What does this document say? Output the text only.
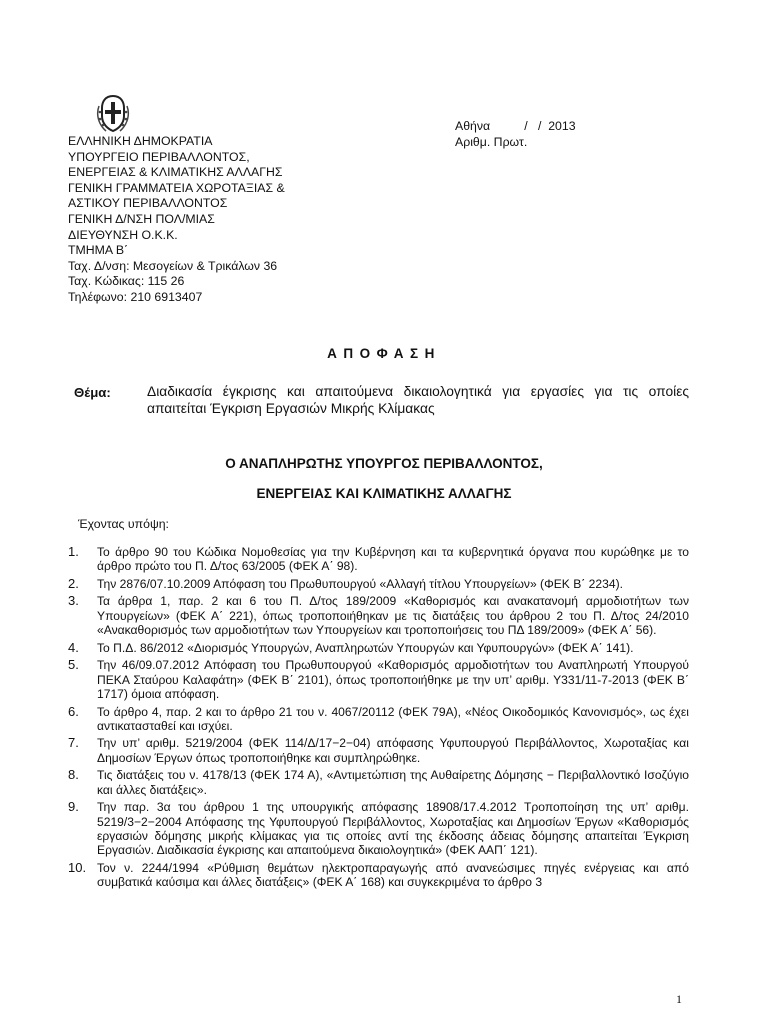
ΕΛΛΗΝΙΚΗ ΔΗΜΟΚΡΑΤΙΑ
ΥΠΟΥΡΓΕΙΟ ΠΕΡΙΒΑΛΛΟΝΤΟΣ,
ΕΝΕΡΓΕΙΑΣ & ΚΛΙΜΑΤΙΚΗΣ ΑΛΛΑΓΗΣ
ΓΕΝΙΚΗ ΓΡΑΜΜΑΤΕΙΑ ΧΩΡΟΤΑΞΙΑΣ &
ΑΣΤΙΚΟΥ ΠΕΡΙΒΑΛΛΟΝΤΟΣ
ΓΕΝΙΚΗ Δ/ΝΣΗ ΠΟΛ/ΜΙΑΣ
ΔΙΕΥΘΥΝΣΗ Ο.Κ.Κ.
ΤΜΗΜΑ Β΄
Ταχ. Δ/νση: Μεσογείων & Τρικάλων 36
Ταχ. Κώδικας: 115 26
Τηλέφωνο: 210 6913407
Αθήνα          /   /  2013
Αριθμ. Πρωτ.
ΑΠΟΦΑΣΗ
Θέμα:	Διαδικασία έγκρισης και απαιτούμενα δικαιολογητικά για εργασίες για τις οποίες απαιτείται Έγκριση Εργασιών Μικρής Κλίμακας
Ο ΑΝΑΠΛΗΡΩΤΗΣ ΥΠΟΥΡΓΟΣ ΠΕΡΙΒΑΛΛΟΝΤΟΣ,
ΕΝΕΡΓΕΙΑΣ ΚΑΙ ΚΛΙΜΑΤΙΚΗΣ ΑΛΛΑΓΗΣ
Έχοντας υπόψη:
1. Το άρθρο 90 του Κώδικα Νομοθεσίας για την Κυβέρνηση και τα κυβερνητικά όργανα που κυρώθηκε με το άρθρο πρώτο του Π. Δ/τος 63/2005 (ΦΕΚ Α΄ 98).
2. Την 2876/07.10.2009 Απόφαση του Πρωθυπουργού «Αλλαγή τίτλου Υπουργείων» (ΦΕΚ Β΄ 2234).
3. Τα άρθρα 1, παρ. 2 και 6 του Π. Δ/τος 189/2009 «Καθορισμός και ανακατανομή αρμοδιοτήτων των Υπουργείων» (ΦΕΚ Α΄ 221), όπως τροποποιήθηκαν με τις διατάξεις του άρθρου 2 του Π. Δ/τος 24/2010 «Ανακαθορισμός των αρμοδιοτήτων των Υπουργείων και τροποποιήσεις του ΠΔ 189/2009» (ΦΕΚ Α΄ 56).
4. Το Π.Δ. 86/2012 «Διορισμός Υπουργών, Αναπληρωτών Υπουργών και Υφυπουργών» (ΦΕΚ Α΄ 141).
5. Την 46/09.07.2012 Απόφαση του Πρωθυπουργού «Καθορισμός αρμοδιοτήτων του Αναπληρωτή Υπουργού ΠΕΚΑ Σταύρου Καλαφάτη» (ΦΕΚ Β΄ 2101), όπως τροποποιήθηκε με την υπ’ αριθμ. Υ331/11-7-2013 (ΦΕΚ Β΄ 1717) όμοια απόφαση.
6. Το άρθρο 4, παρ. 2 και το άρθρο 21 του ν. 4067/20112 (ΦΕΚ 79Α), «Νέος Οικοδομικός Κανονισμός», ως έχει αντικατασταθεί και ισχύει.
7. Την υπ’ αριθμ. 5219/2004 (ΦΕΚ 114/Δ/17−2−04) απόφασης Υφυπουργού Περιβάλλοντος, Χωροταξίας και Δημοσίων Έργων όπως τροποποιήθηκε και συμπληρώθηκε.
8. Τις διατάξεις του ν. 4178/13 (ΦΕΚ 174 Α), «Αντιμετώπιση της Αυθαίρετης Δόμησης − Περιβαλλοντικό Ισοζύγιο και άλλες διατάξεις».
9. Την παρ. 3α του άρθρου 1 της υπουργικής απόφασης 18908/17.4.2012 Τροποποίηση της υπ’ αριθμ. 5219/3−2−2004 Απόφασης της Υφυπουργού Περιβάλλοντος, Χωροταξίας και Δημοσίων Έργων «Καθορισμός εργασιών δόμησης μικρής κλίμακας για τις οποίες αντί της έκδοσης άδειας δόμησης απαιτείται Έγκριση Εργασιών. Διαδικασία έγκρισης και απαιτούμενα δικαιολογητικά» (ΦΕΚ ΑΑΠ΄ 121).
10. Τον ν. 2244/1994 «Ρύθμιση θεμάτων ηλεκτροπαραγωγής από ανανεώσιμες πηγές ενέργειας και από συμβατικά καύσιμα και άλλες διατάξεις» (ΦΕΚ Α΄ 168) και συγκεκριμένα το άρθρο 3
1
